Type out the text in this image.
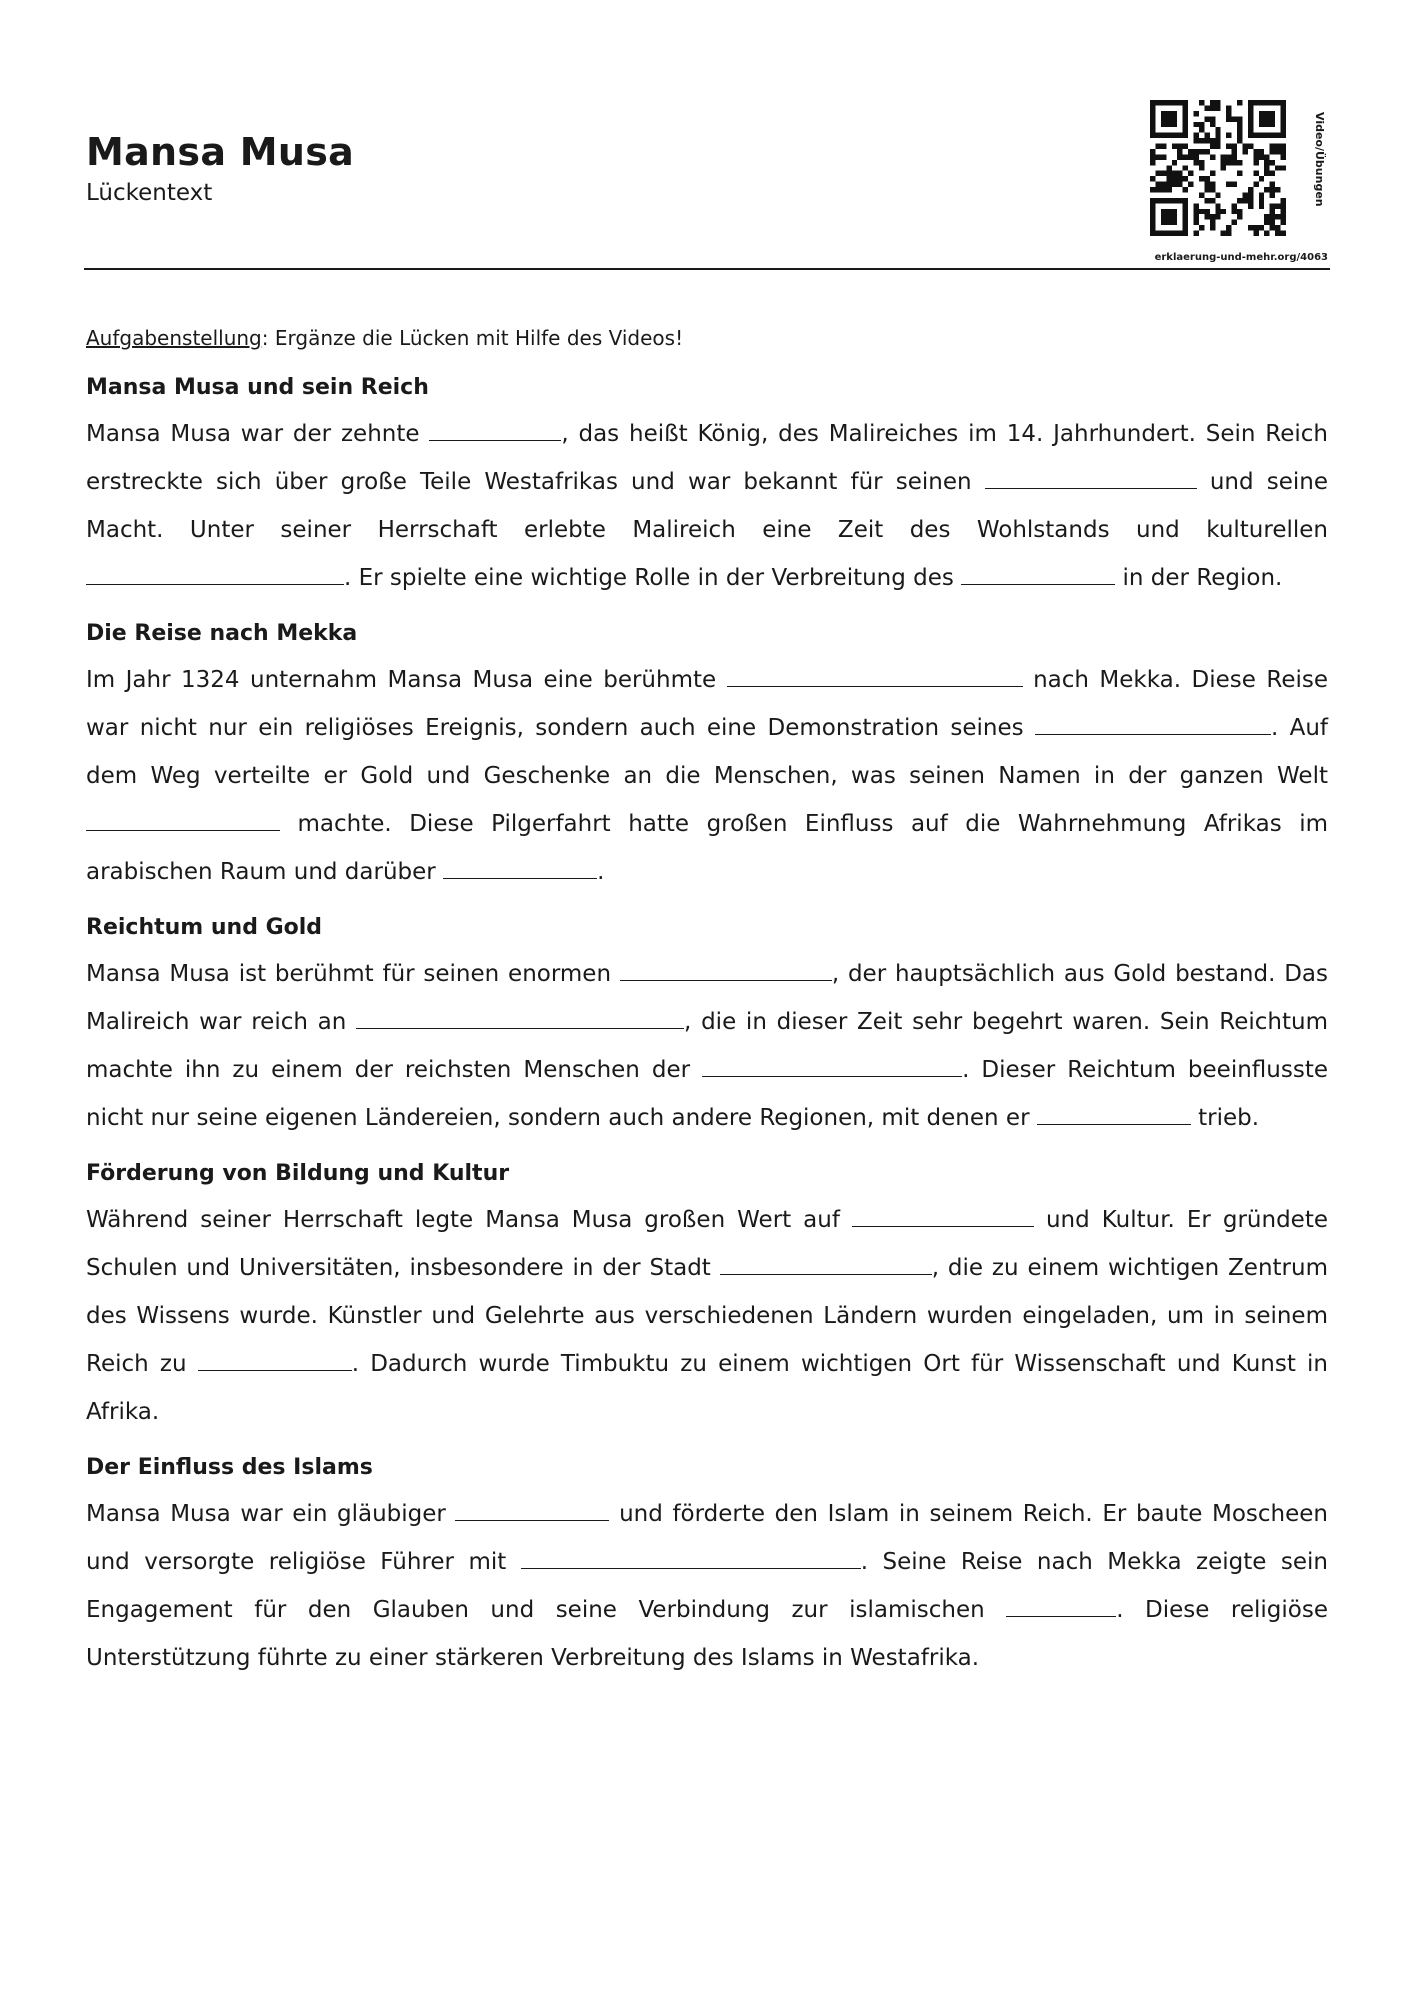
Mansa Musa

Lückentext	Video/Übungen
erklaerung-und-mehr.org/4063

Aufgabenstellung: Ergänze die Lücken mit Hilfe des Videos!

Mansa Musa und sein Reich

Mansa Musa war der zehnte	, das heißt König, des Malireiches im 14. Jahrhundert. Sein Reich erstreckte sich über große Teile Westafrikas und war bekannt für seinen	und seine Macht. Unter seiner Herrschaft erlebte Malireich eine Zeit des Wohlstands und kulturellen . Er spielte eine wichtige Rolle in der Verbreitung des	in der Region.

Die Reise nach Mekka

Im Jahr 1324 unternahm Mansa Musa eine berühmte	nach Mekka. Diese Reise war nicht nur ein religiöses Ereignis, sondern auch eine Demonstration seines	. Auf dem Weg verteilte er Gold und Geschenke an die Menschen, was seinen Namen in der ganzen Welt  machte. Diese Pilgerfahrt hatte großen Einfluss auf die Wahrnehmung Afrikas im arabischen Raum und darüber	.

Reichtum und Gold

Mansa Musa ist berühmt für seinen enormen	, der hauptsächlich aus Gold bestand. Das Malireich war reich an	, die in dieser Zeit sehr begehrt waren. Sein Reichtum machte ihn zu einem der reichsten Menschen der	. Dieser Reichtum beeinflusste nicht nur seine eigenen Ländereien, sondern auch andere Regionen, mit denen er	trieb.

Förderung von Bildung und Kultur

Während seiner Herrschaft legte Mansa Musa großen Wert auf	und Kultur. Er gründete Schulen und Universitäten, insbesondere in der Stadt	, die zu einem wichtigen Zentrum des Wissens wurde. Künstler und Gelehrte aus verschiedenen Ländern wurden eingeladen, um in seinem Reich zu	. Dadurch wurde Timbuktu zu einem wichtigen Ort für Wissenschaft und Kunst in Afrika.

Der Einfluss des Islams

Mansa Musa war ein gläubiger	und förderte den Islam in seinem Reich. Er baute Moscheen und versorgte religiöse Führer mit	. Seine Reise nach Mekka zeigte sein Engagement für den Glauben und seine Verbindung zur islamischen	. Diese religiöse Unterstützung führte zu einer stärkeren Verbreitung des Islams in Westafrika.
